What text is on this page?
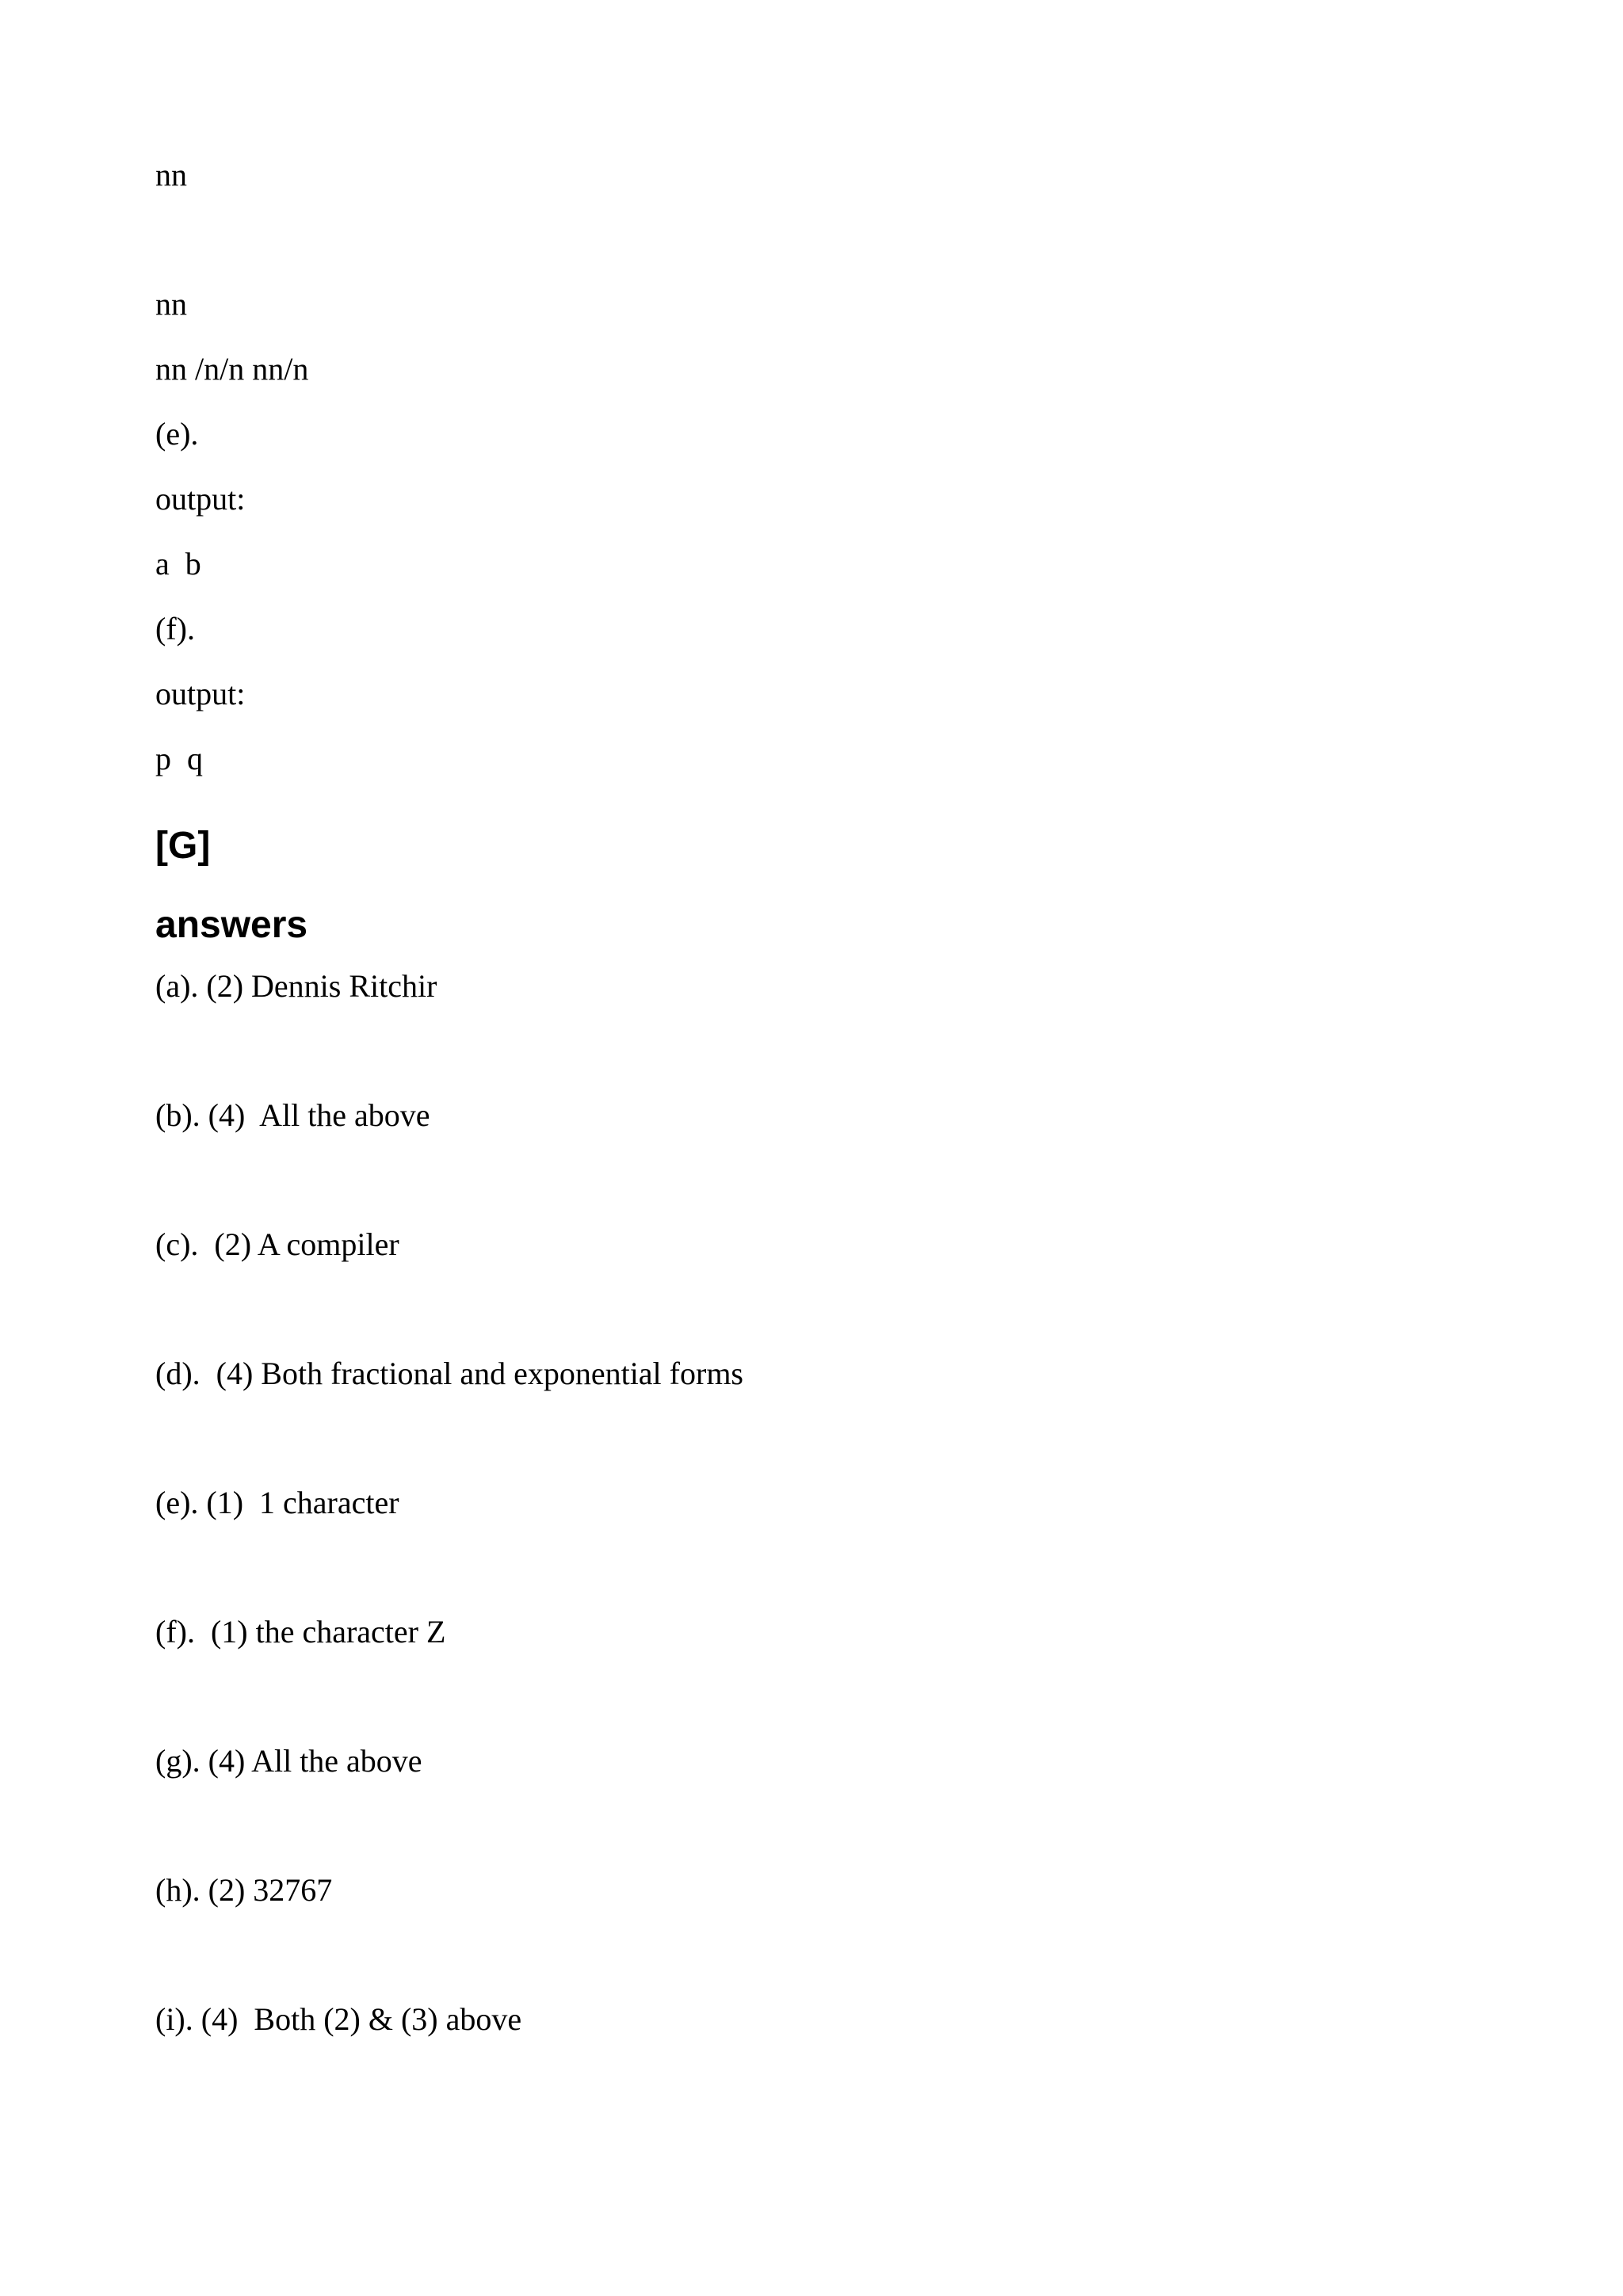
nn

nn

nn /n/n nn/n

(e).

output:

a  b

(f).

output:

p  q

[G]
answers

(a). (2) Dennis Ritchir

(b). (4)  All the above

(c).  (2) A compiler

(d).  (4) Both fractional and exponential forms

(e). (1)  1 character

(f).  (1) the character Z

(g). (4) All the above

(h). (2) 32767

(i). (4)  Both (2) & (3) above
